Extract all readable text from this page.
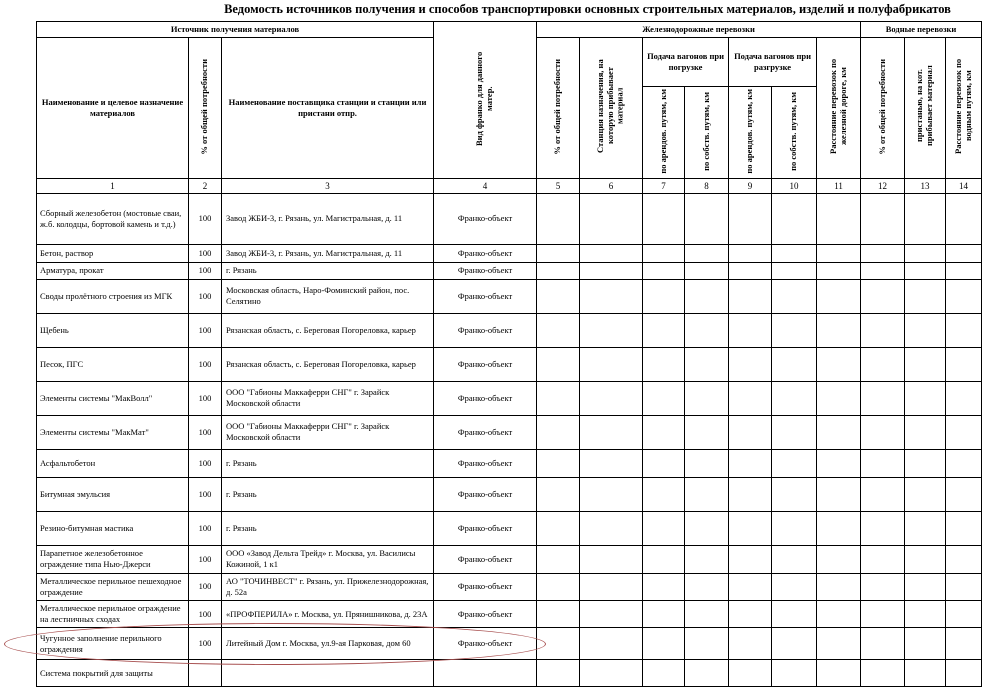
Ведомость источников получения и способов транспортировки основных строительных материалов, изделий и полуфабрикатов
Источник получения материалов			Вид франко для данного матер.	Железнодорожные перевозки							Водные перевозки		
Наименование и целевое назначение материалов	% от общей потребности	Наименование поставщика станции и станции или пристани отпр.		% от общей потребности	Станция назначения, на которую прибывает материал	Подача вагонов при погрузке		Подача вагонов при разгрузке		Расстояние перевозок по железной дороге, км	% от общей потребности	пристанью, на кот. прибывает материал	Расстояние перевозок по водным путям, км
						по арендов. путям, км	по собств. путям, км	по арендов. путям, км	по собств. путям, км				
1	2	3	4	5	6	7	8	9	10	11	12	13	14
Сборный железобетон (мостовые сваи, ж.б. колодцы, бортовой камень и т.д.)	100	Завод ЖБИ-3, г. Рязань, ул. Магистральная, д. 11	Франко-объект										
Бетон, раствор	100	Завод ЖБИ-3, г. Рязань, ул. Магистральная, д. 11	Франко-объект										
Арматура, прокат	100	г. Рязань	Франко-объект										
Своды пролётного строения из МГК	100	Московская область, Наро-Фоминский район, пос. Селятино	Франко-объект										
Щебень	100	Рязанская область, с. Береговая Погореловка, карьер	Франко-объект										
Песок, ПГС	100	Рязанская область, с. Береговая Погореловка, карьер	Франко-объект										
Элементы системы "МакВолл"	100	ООО "Габионы Маккаферри СНГ" г. Зарайск Московской области	Франко-объект										
Элементы системы "МакМат"	100	ООО "Габионы Маккаферри СНГ" г. Зарайск Московской области	Франко-объект										
Асфальтобетон	100	г. Рязань	Франко-объект										
Битумная эмульсия	100	г. Рязань	Франко-объект										
Резино-битумная мастика	100	г. Рязань	Франко-объект										
Парапетное железобетонное ограждение типа Нью-Джерси	100	ООО «Завод Дельта Трейд» г. Москва, ул. Василисы Кожиной, 1 к1	Франко-объект										
Металлическое перильное пешеходное ограждение	100	АО "ТОЧИНВЕСТ" г. Рязань, ул. Прижелезнодорожная, д. 52а	Франко-объект										
Металлическое перильное ограждение на лестничных сходах	100	«ПРОФПЕРИЛА» г. Москва, ул. Прянишникова, д. 23А	Франко-объект										
Чугунное заполнение перильного ограждения	100	Литейный Дом г. Москва, ул.9-ая Парковая, дом 60	Франко-объект										
Система покрытий для защиты													
